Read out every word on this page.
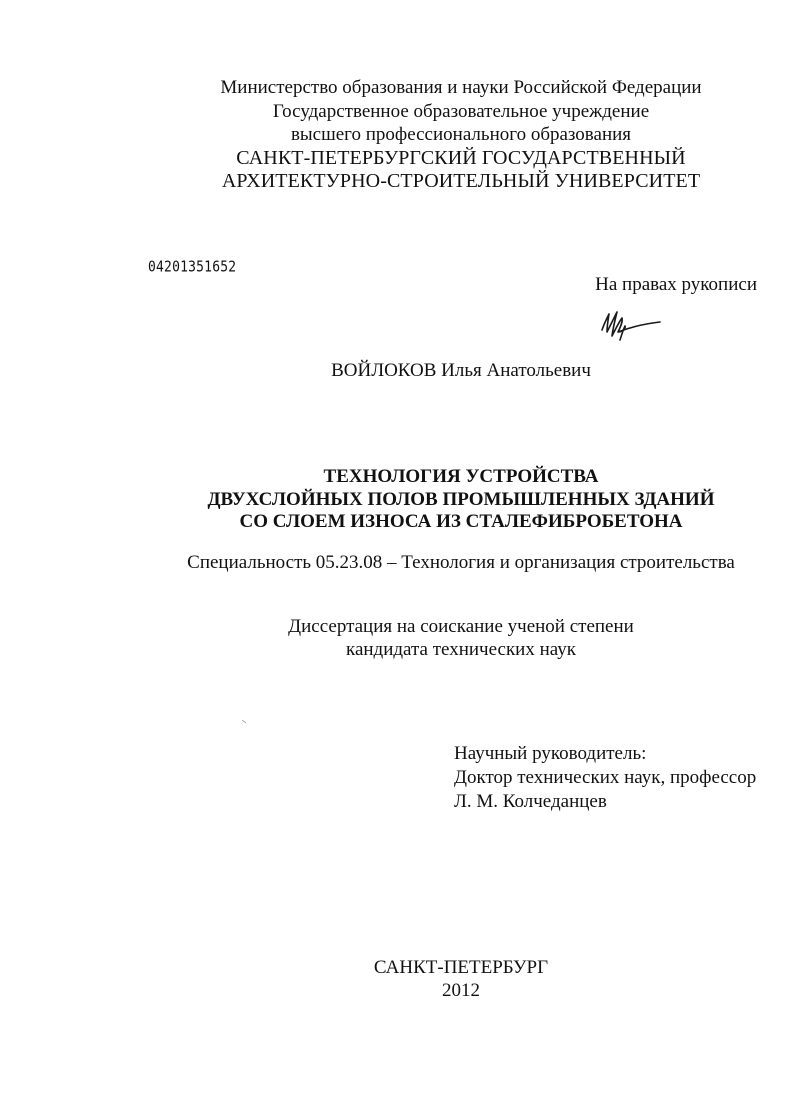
Министерство образования и науки Российской Федерации
Государственное образовательное учреждение
высшего профессионального образования
САНКТ-ПЕТЕРБУРГСКИЙ ГОСУДАРСТВЕННЫЙ
АРХИТЕКТУРНО-СТРОИТЕЛЬНЫЙ УНИВЕРСИТЕТ
04201351652
На правах рукописи
ВОЙЛОКОВ Илья Анатольевич
ТЕХНОЛОГИЯ УСТРОЙСТВА
ДВУХСЛОЙНЫХ ПОЛОВ ПРОМЫШЛЕННЫХ ЗДАНИЙ
СО СЛОЕМ ИЗНОСА ИЗ СТАЛЕФИБРОБЕТОНА
Специальность 05.23.08 – Технология и организация строительства
Диссертация на соискание ученой степени
кандидата технических наук
Научный руководитель:
Доктор технических наук, профессор
Л. М. Колчеданцев
САНКТ-ПЕТЕРБУРГ
2012
